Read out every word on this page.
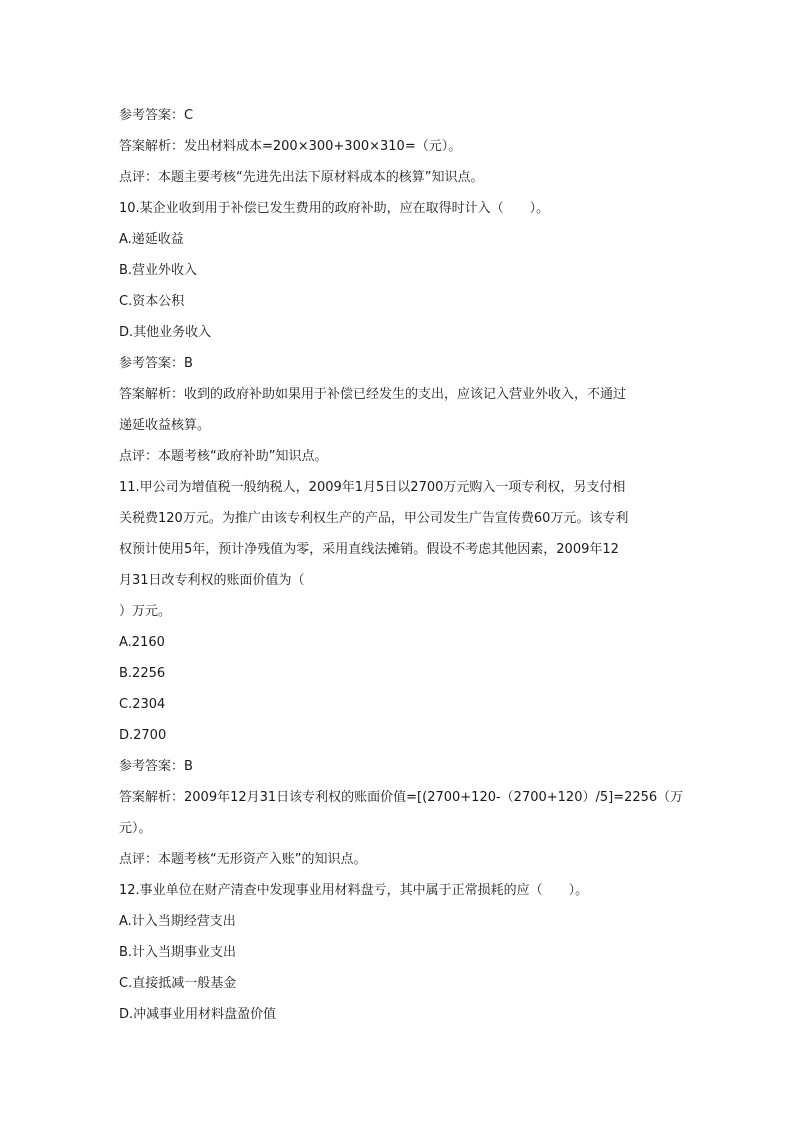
参考答案：C

答案解析：发出材料成本=200×300+300×310=（元）。

点评：本题主要考核“先进先出法下原材料成本的核算”知识点。

10.某企业收到用于补偿已发生费用的政府补助，应在取得时计入（　　）。

A.递延收益

B.营业外收入

C.资本公积

D.其他业务收入

参考答案：B

答案解析：收到的政府补助如果用于补偿已经发生的支出，应该记入营业外收入，不通过

递延收益核算。

点评：本题考核“政府补助”知识点。

11.甲公司为增值税一般纳税人，2009年1月5日以2700万元购入一项专利权，另支付相

关税费120万元。为推广由该专利权生产的产品，甲公司发生广告宣传费60万元。该专利

权预计使用5年，预计净残值为零，采用直线法摊销。假设不考虑其他因素，2009年12

月31日改专利权的账面价值为（

）万元。

A.2160

B.2256

C.2304

D.2700

参考答案：B

答案解析：2009年12月31日该专利权的账面价值=[(2700+120-（2700+120）/5]=2256（万

元）。

点评：本题考核“无形资产入账”的知识点。

12.事业单位在财产清查中发现事业用材料盘亏，其中属于正常损耗的应（　　）。

A.计入当期经营支出

B.计入当期事业支出

C.直接抵减一般基金

D.冲减事业用材料盘盈价值
